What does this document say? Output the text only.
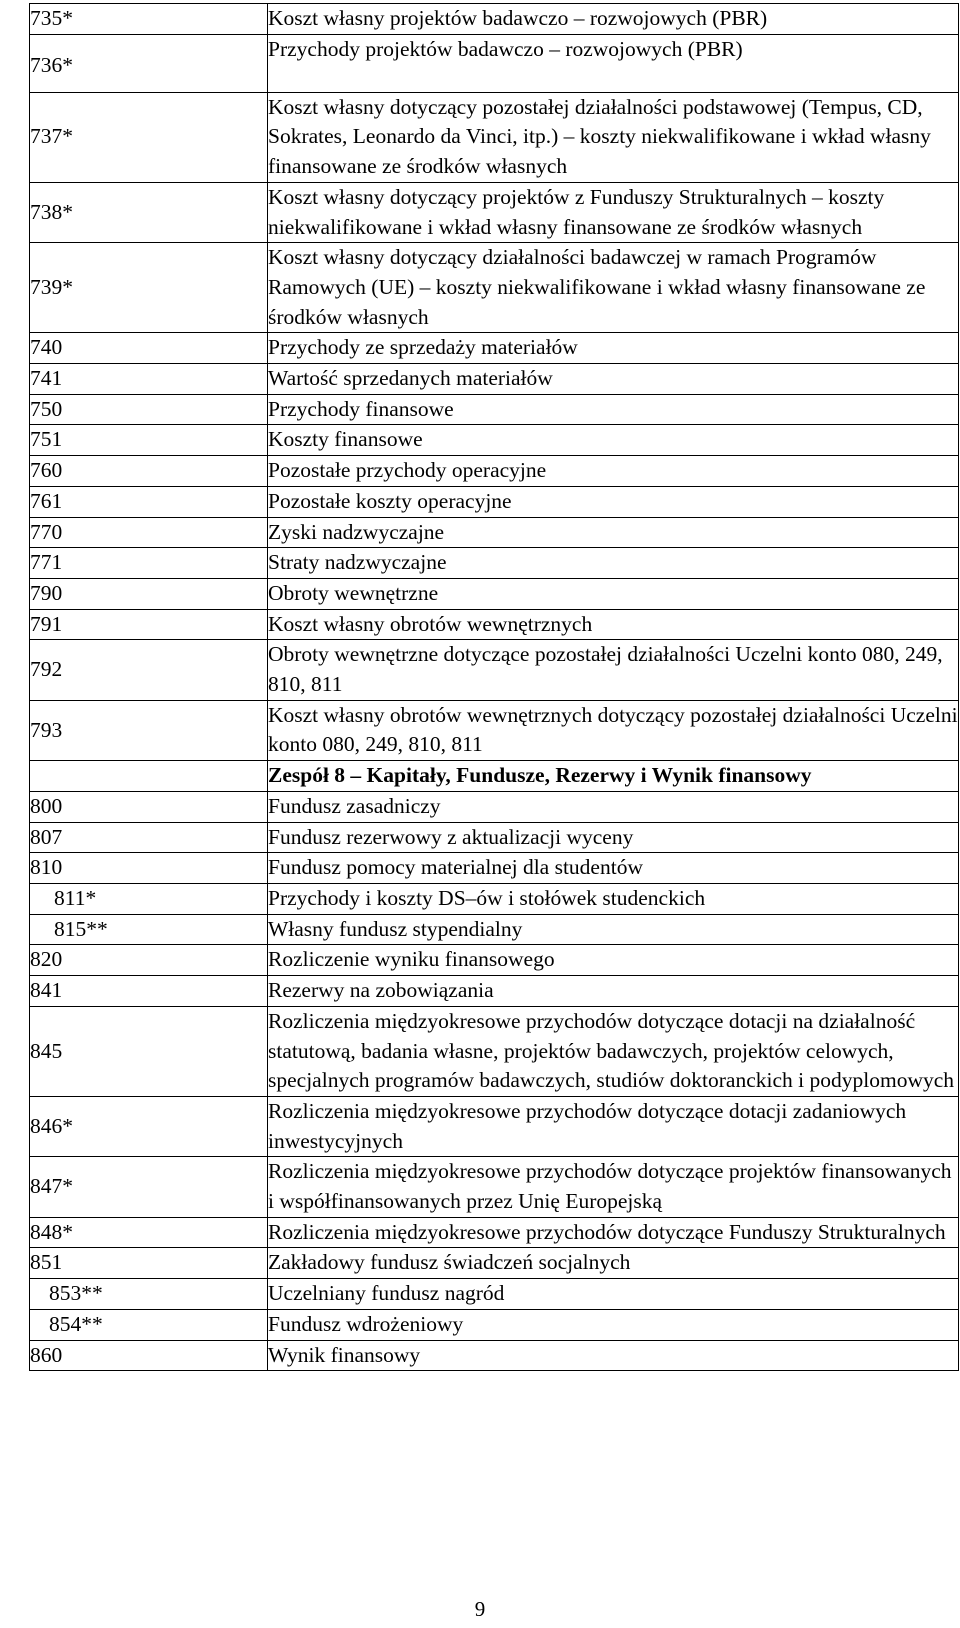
735*	Koszt własny projektów badawczo – rozwojowych (PBR)
736*	Przychody projektów badawczo – rozwojowych (PBR)
737*	Koszt własny dotyczący pozostałej działalności podstawowej (Tempus, CD, Sokrates, Leonardo da Vinci, itp.) – koszty niekwalifikowane i wkład własny finansowane ze środków własnych
738*	Koszt własny dotyczący projektów z Funduszy Strukturalnych – koszty niekwalifikowane i wkład własny finansowane ze środków własnych
739*	Koszt własny dotyczący działalności badawczej w ramach Programów Ramowych (UE) – koszty niekwalifikowane i wkład własny finansowane ze środków własnych
740	Przychody ze sprzedaży materiałów
741	Wartość sprzedanych materiałów
750	Przychody finansowe
751	Koszty finansowe
760	Pozostałe przychody operacyjne
761	Pozostałe koszty operacyjne
770	Zyski nadzwyczajne
771	Straty nadzwyczajne
790	Obroty wewnętrzne
791	Koszt własny obrotów wewnętrznych
792	Obroty wewnętrzne dotyczące pozostałej działalności Uczelni konto 080, 249, 810, 811
793	Koszt własny obrotów wewnętrznych dotyczący pozostałej działalności Uczelni konto 080, 249, 810, 811
	Zespół 8 – Kapitały, Fundusze, Rezerwy i Wynik finansowy
800	Fundusz zasadniczy
807	Fundusz rezerwowy z aktualizacji wyceny
810	Fundusz pomocy materialnej dla studentów
811*	Przychody i koszty DS–ów i stołówek studenckich
815**	Własny fundusz stypendialny
820	Rozliczenie wyniku finansowego
841	Rezerwy na zobowiązania
845	Rozliczenia międzyokresowe przychodów dotyczące dotacji na działalność statutową, badania własne, projektów badawczych, projektów celowych, specjalnych programów badawczych, studiów doktoranckich i podyplomowych
846*	Rozliczenia międzyokresowe przychodów dotyczące dotacji zadaniowych inwestycyjnych
847*	Rozliczenia międzyokresowe przychodów dotyczące projektów finansowanych i współfinansowanych przez Unię Europejską
848*	Rozliczenia międzyokresowe przychodów dotyczące Funduszy Strukturalnych
851	Zakładowy fundusz świadczeń socjalnych
853**	Uczelniany fundusz nagród
854**	Fundusz wdrożeniowy
860	Wynik finansowy
9
